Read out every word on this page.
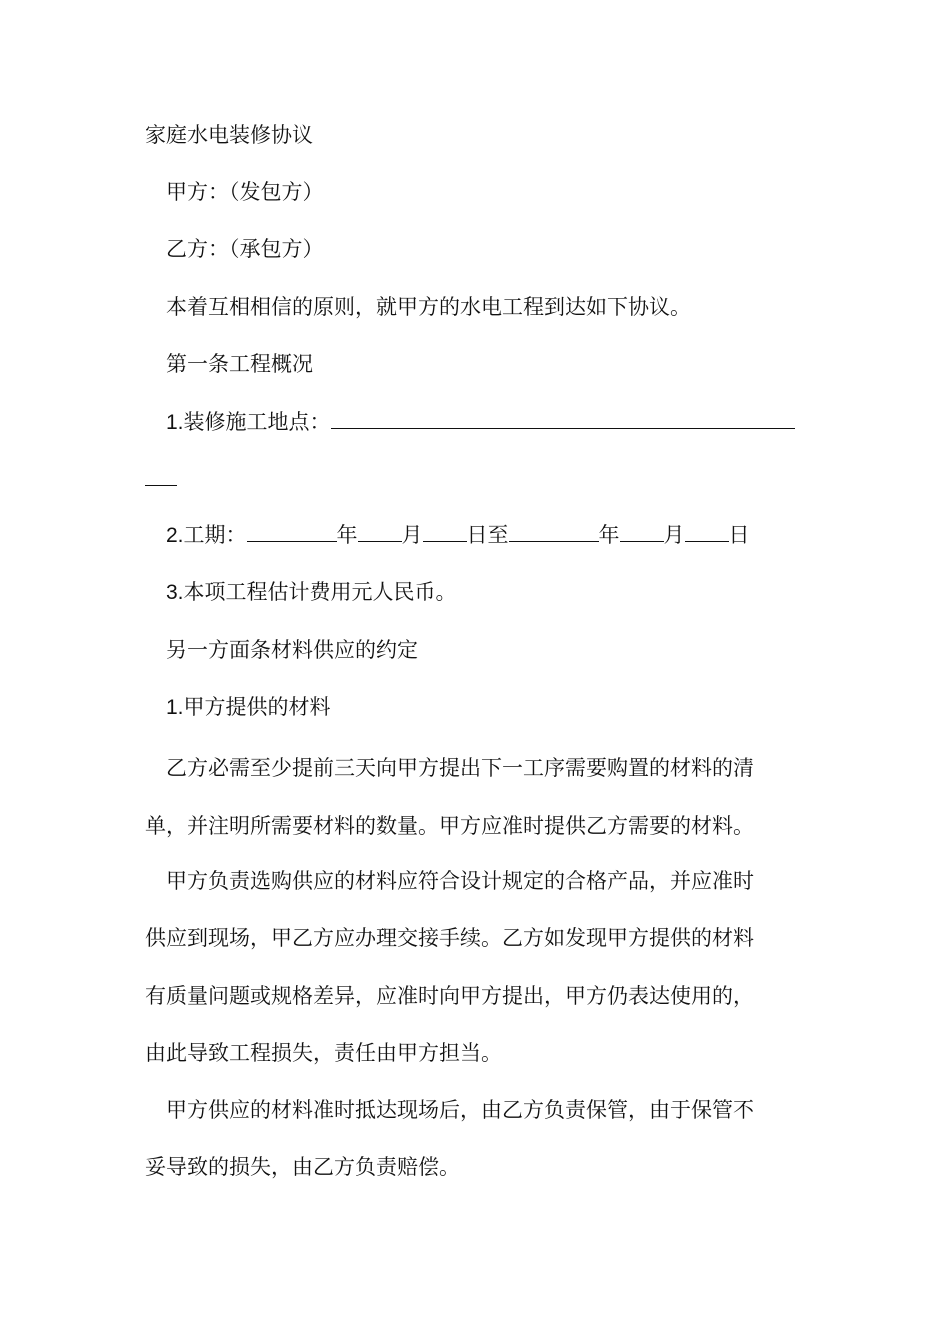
家庭水电装修协议
甲方：（发包方）
乙方：（承包方）
本着互相相信的原则，就甲方的水电工程到达如下协议。
第一条工程概况
1.装修施工地点：
2.工期：	年 月 日至	年 月 日
3.本项工程估计费用元人民币。
另一方面条材料供应的约定
1.甲方提供的材料
乙方必需至少提前三天向甲方提出下一工序需要购置的材料的清
单，并注明所需要材料的数量。甲方应准时提供乙方需要的材料。
甲方负责选购供应的材料应符合设计规定的合格产品，并应准时
供应到现场，甲乙方应办理交接手续。乙方如发现甲方提供的材料
有质量问题或规格差异，应准时向甲方提出，甲方仍表达使用的，
由此导致工程损失，责任由甲方担当。
甲方供应的材料准时抵达现场后，由乙方负责保管，由于保管不
妥导致的损失，由乙方负责赔偿。
